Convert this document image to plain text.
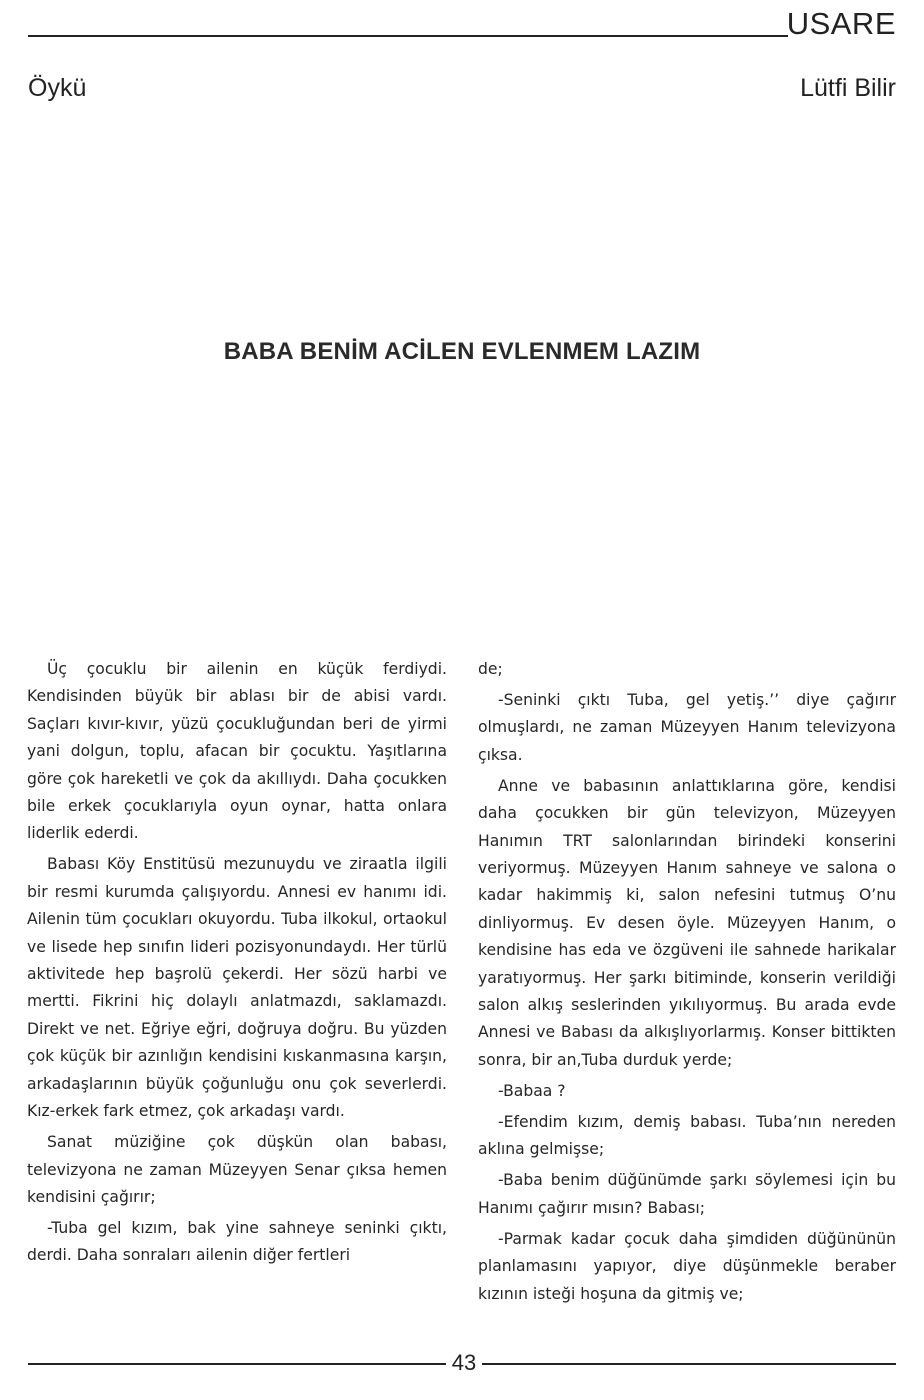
USARE
Öykü	Lütfi Bilir
BABA BENİM ACİLEN EVLENMEM LAZIM

Üç çocuklu bir ailenin en küçük ferdiydi. Kendisinden büyük bir ablası bir de abisi vardı. Saçları kıvır-kıvır, yüzü çocukluğundan beri de yirmi yani dolgun, toplu, afacan bir çocuktu. Yaşıtlarına göre çok hareketli ve çok da akıllıydı. Daha çocukken bile erkek çocuklarıyla oyun oynar, hatta onlara liderlik ederdi.

Babası Köy Enstitüsü mezunuydu ve ziraatla ilgili bir resmi kurumda çalışıyordu. Annesi ev hanımı idi. Ailenin tüm çocukları okuyordu. Tuba ilkokul, ortaokul ve lisede hep sınıfın lideri pozisyonundaydı. Her türlü aktivitede hep başrolü çekerdi. Her sözü harbi ve mertti. Fikrini hiç dolaylı anlatmazdı, saklamazdı. Direkt ve net. Eğriye eğri, doğruya doğru. Bu yüzden çok küçük bir azınlığın kendisini kıskanmasına karşın, arkadaşlarının büyük çoğunluğu onu çok severlerdi. Kız-erkek fark etmez, çok arkadaşı vardı.

Sanat müziğine çok düşkün olan babası, televizyona ne zaman Müzeyyen Senar çıksa hemen kendisini çağırır;

-Tuba gel kızım, bak yine sahneye seninki çıktı, derdi. Daha sonraları ailenin diğer fertleri

de;

-Seninki çıktı Tuba, gel yetiş.’’ diye çağırır olmuşlardı, ne zaman Müzeyyen Hanım televizyona çıksa.

Anne ve babasının anlattıklarına göre, kendisi daha çocukken bir gün televizyon, Müzeyyen Hanımın TRT salonlarından birindeki konserini veriyormuş. Müzeyyen Hanım sahneye ve salona o kadar hakimmiş ki, salon nefesini tutmuş O’nu dinliyormuş. Ev desen öyle. Müzeyyen Hanım, o kendisine has eda ve özgüveni ile sahnede harikalar yaratıyormuş. Her şarkı bitiminde, konserin verildiği salon alkış seslerinden yıkılıyormuş. Bu arada evde Annesi ve Babası da alkışlıyorlarmış. Konser bittikten sonra, bir an,Tuba durduk yerde;

-Babaa ?

-Efendim kızım, demiş babası. Tuba’nın nereden aklına gelmişse;

-Baba benim düğünümde şarkı söylemesi için bu Hanımı çağırır mısın? Babası;

-Parmak kadar çocuk daha şimdiden düğününün planlamasını yapıyor, diye düşünmekle beraber kızının isteği hoşuna da gitmiş ve;

43
